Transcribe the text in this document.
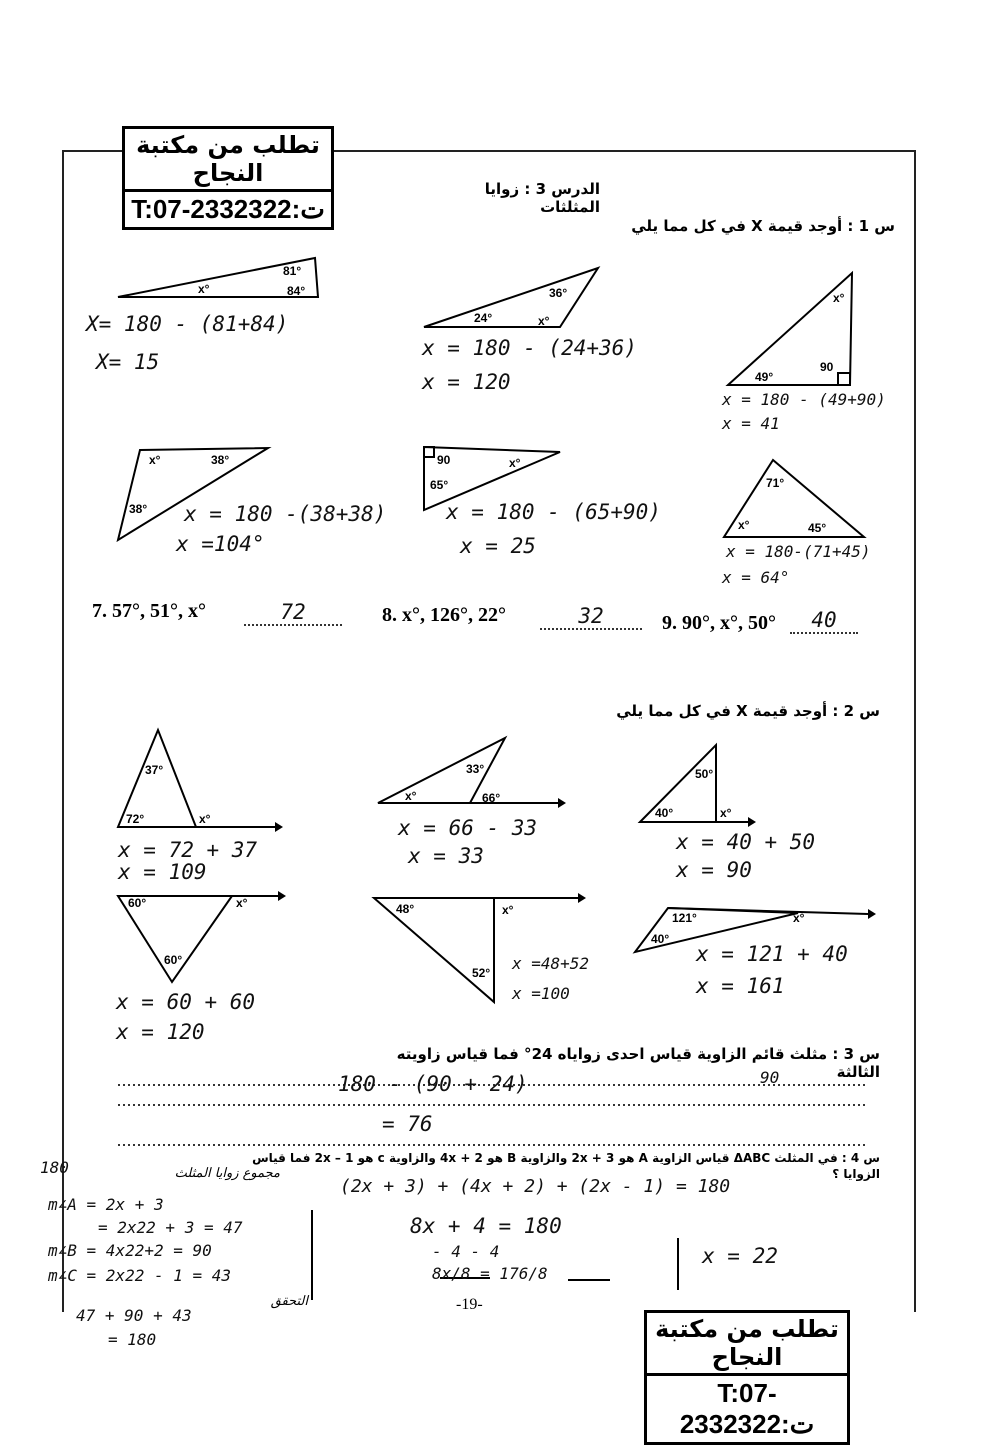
تطلب من مكتبة النجاح
T:07-2332322:ت
تطلب من مكتبة النجاح
T:07-2332322:ت
الدرس 3 : زوايا المثلثات
س 1 : أوجد قيمة X في كل مما يلي
81°
84°
x°
24°
36°
x°
49°
90
x°
x°	38°
38°
90	x°
65°	71°
x°	45°
X= 180 - (81+84)
X= 15
x = 180 - (24+36)
x = 120
x = 180 - (49+90)
x = 41
x = 180 -(38+38)
x =104°
x = 180 - (65+90)
x = 25	x = 180-(71+45)
x = 64°
7. 57°, 51°, x°	72	8. x°, 126°, 22°	32	9. 90°, x°, 50°	40
س 2 : أوجد قيمة X في كل مما يلي
37°
72°	x°
33°
x°	66°
50°
40°	x°
60°	x°
60°
48°	x°
52°
121°
40°
x°
x = 72 + 37
x = 109
x = 66 - 33
x = 33
x = 40 + 50
x = 90
x = 60 + 60
x = 120
x =48+52
x =100
x = 121 + 40
x = 161
س 3 : مثلث قائم الزاوية قياس احدى زواياه 24° فما قياس زاويته الثالثة
90
180 - (90 + 24)
= 76
س 4 : في المثلث ΔABC قياس الزاوية A هو 2x + 3 والزاوية B هو 4x + 2 والزاوية c هو 2x – 1 فما قياس الزوايا ؟
180	مجموع زوايا المثلث
(2x + 3) + (4x + 2) + (2x - 1) = 180
m∠A = 2x + 3
= 2x22 + 3 = 47
m∠B = 4x22+2 = 90
m∠C = 2x22 - 1 = 43
التحقق
47 + 90 + 43
= 180
8x + 4 = 180
- 4 - 4
8x/8 = 176/8
x = 22
-19-
